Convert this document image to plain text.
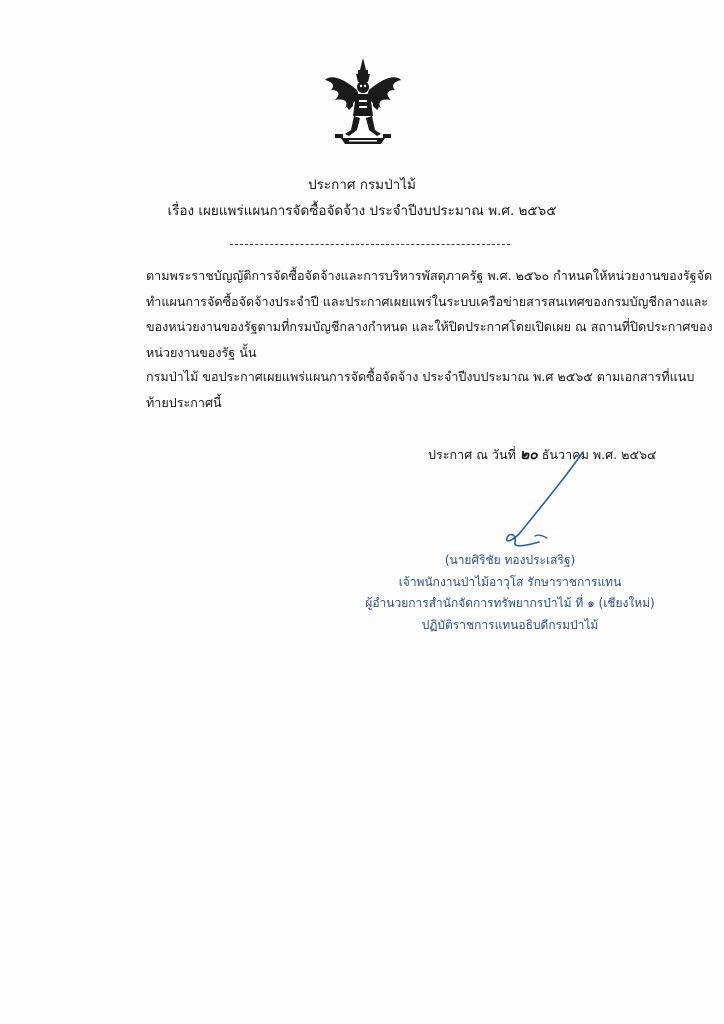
ประกาศ กรมป่าไม้
เรื่อง เผยแพร่แผนการจัดซื้อจัดจ้าง ประจำปีงบประมาณ พ.ศ. ๒๕๖๕

ตามพระราชบัญญัติการจัดซื้อจัดจ้างและการบริหารพัสดุภาครัฐ พ.ศ. ๒๕๖๐ กำหนดให้หน่วยงานของรัฐจัดทำแผนการจัดซื้อจัดจ้างประจำปี และประกาศเผยแพร่ในระบบเครือข่ายสารสนเทศของกรมบัญชีกลางและของหน่วยงานของรัฐตามที่กรมบัญชีกลางกำหนด และให้ปิดประกาศโดยเปิดเผย ณ สถานที่ปิดประกาศของหน่วยงานของรัฐ นั้น

กรมป่าไม้ ขอประกาศเผยแพร่แผนการจัดซื้อจัดจ้าง ประจำปีงบประมาณ พ.ศ ๒๕๖๕ ตามเอกสารที่แนบท้ายประกาศนี้

ประกาศ ณ วันที่ ๒๐ ธันวาคม พ.ศ. ๒๕๖๔
(นายศิริชัย ทองประเสริฐ)
เจ้าพนักงานป่าไม้อาวุโส รักษาราชการแทน
ผู้อำนวยการสำนักจัดการทรัพยากรป่าไม้ ที่ ๑ (เชียงใหม่)
ปฏิบัติราชการแทนอธิบดีกรมป่าไม้
